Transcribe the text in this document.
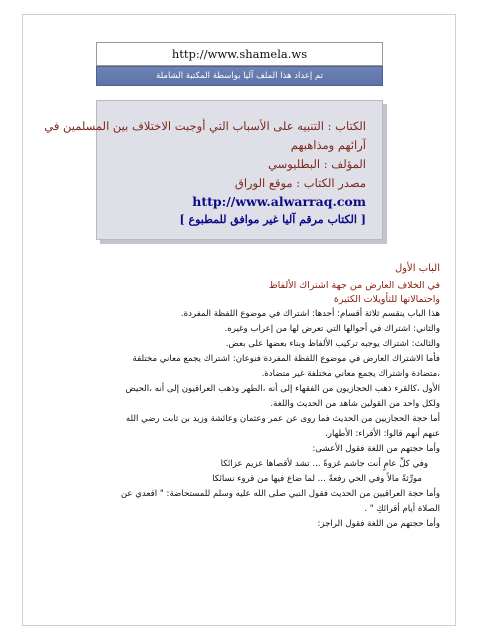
http://www.shamela.ws
تم إعداد هذا الملف آليا بواسطة المكتبة الشاملة
الكتاب : التنبيه على الأسباب التي أوجبت الاختلاف بين المسلمين في
آرائهم ومذاهبهم
المؤلف : البطليوسي
مصدر الكتاب : موقع الوراق
http://www.alwarraq.com
[ الكتاب مرقم آليا غير موافق للمطبوع ]
الباب الأول
في الخلاف العارض من جهة اشتراك الألفاظ
واحتمالاتها للتأويلات الكثيرة
هذا الباب ينقسم ثلاثة أقسام: أحدها: اشتراك في موضوع اللفظة المفردة.
والثاني: اشتراك في أحوالها التي تعرض لها من إعراب وغيره.
والثالث: اشتراك يوجبه تركيب الألفاظ وبناء بعضها على بعض.
فأما الاشتراك العارض في موضوع اللفظة المفردة فنوعان: اشتراك يجمع معاني مختلفة
،متضادة واشتراك يجمع معاني مختلفة غير متضادة.
الأول ،كالقرء ذهب الحجازيون من الفقهاء إلى أنه ،الطهر وذهب العراقيون إلى أنه ،الحيض
ولكل واحد من القولين شاهد من الحديث واللغة.
أما حجة الحجازيين من الحديث فما روى عن عمر وعثمان وعائشة وزيد بن ثابت رضي الله
عنهم أنهم قالوا: الأقراء: الأطهار.
وأما حجتهم من اللغة فقول الأعشى:
وفي كلِّ عامٍ أنت جاشم غزوةً ... تشد لأقصاها عزيم عزائكا
مورِّثةً مالاً وفي الحي رفعةً ... لما ضاع فيها من قروء نسائكا
وأما حجة العراقيين من الحديث فقول النبي صلى الله عليه وسلم للمستحاضة: " اقعدي عن
الصلاة أيام أقرائكِ " .
وأما حجتهم من اللغة فقول الراجز:
